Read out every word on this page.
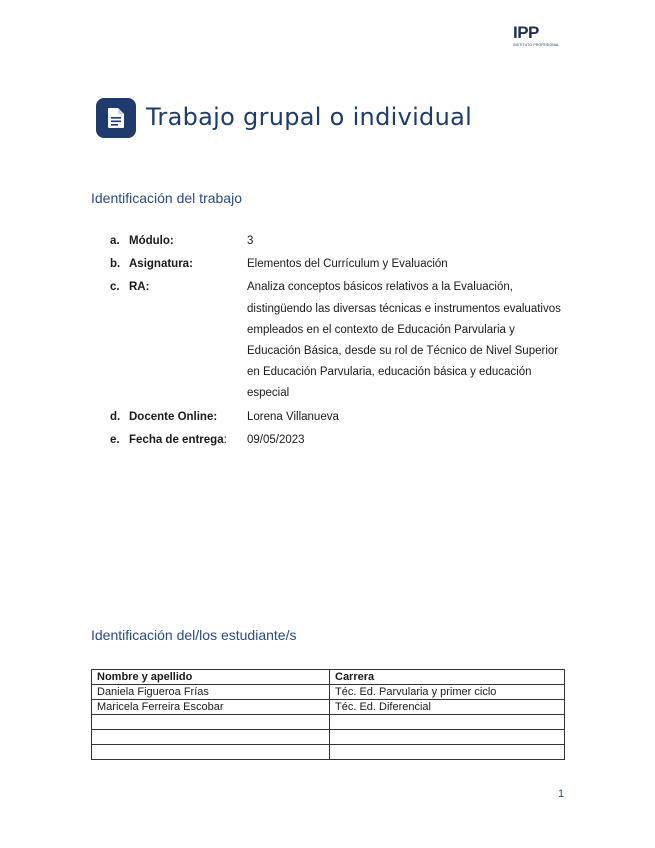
IPP
INSTITUTO PROFESIONAL
Trabajo grupal o individual
Identificación del trabajo
a. Módulo:	3
b. Asignatura:	Elementos del Currículum y Evaluación
c. RA:	Analiza conceptos básicos relativos a la Evaluación, distingüendo las diversas técnicas e instrumentos evaluativos empleados en el contexto de Educación Parvularia y Educación Básica, desde su rol de Técnico de Nivel Superior en Educación Parvularia, educación básica y educación especial
d. Docente Online:	Lorena Villanueva
e. Fecha de entrega:	09/05/2023
Identificación del/los estudiante/s
Nombre y apellido	Carrera
Daniela Figueroa Frías	Téc. Ed. Parvularia y primer ciclo
Maricela Ferreira Escobar	Téc. Ed. Diferencial

1
